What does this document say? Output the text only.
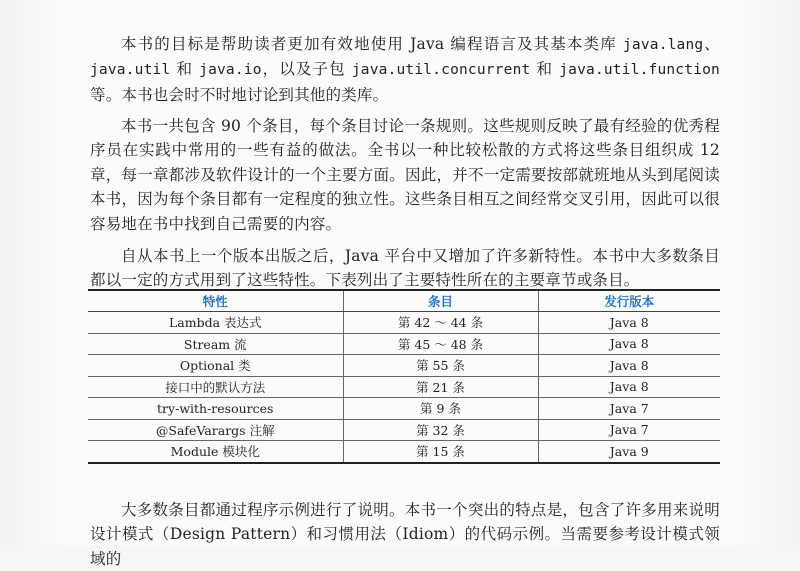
本书的目标是帮助读者更加有效地使用 Java 编程语言及其基本类库 java.lang、java.util 和 java.io，以及子包 java.util.concurrent 和 java.util.function 等。本书也会时不时地讨论到其他的类库。

本书一共包含 90 个条目，每个条目讨论一条规则。这些规则反映了最有经验的优秀程序员在实践中常用的一些有益的做法。全书以一种比较松散的方式将这些条目组织成 12 章，每一章都涉及软件设计的一个主要方面。因此，并不一定需要按部就班地从头到尾阅读本书，因为每个条目都有一定程度的独立性。这些条目相互之间经常交叉引用，因此可以很容易地在书中找到自己需要的内容。

自从本书上一个版本出版之后，Java 平台中又增加了许多新特性。本书中大多数条目都以一定的方式用到了这些特性。下表列出了主要特性所在的主要章节或条目。

特性	条目	发行版本
Lambda 表达式	第 42 ～ 44 条	Java 8
Stream 流	第 45 ～ 48 条	Java 8
Optional 类	第 55 条	Java 8
接口中的默认方法	第 21 条	Java 8
try-with-resources	第 9 条	Java 7
@SafeVarargs 注解	第 32 条	Java 7
Module 模块化	第 15 条	Java 9

大多数条目都通过程序示例进行了说明。本书一个突出的特点是，包含了许多用来说明设计模式（Design Pattern）和习惯用法（Idiom）的代码示例。当需要参考设计模式领域的
